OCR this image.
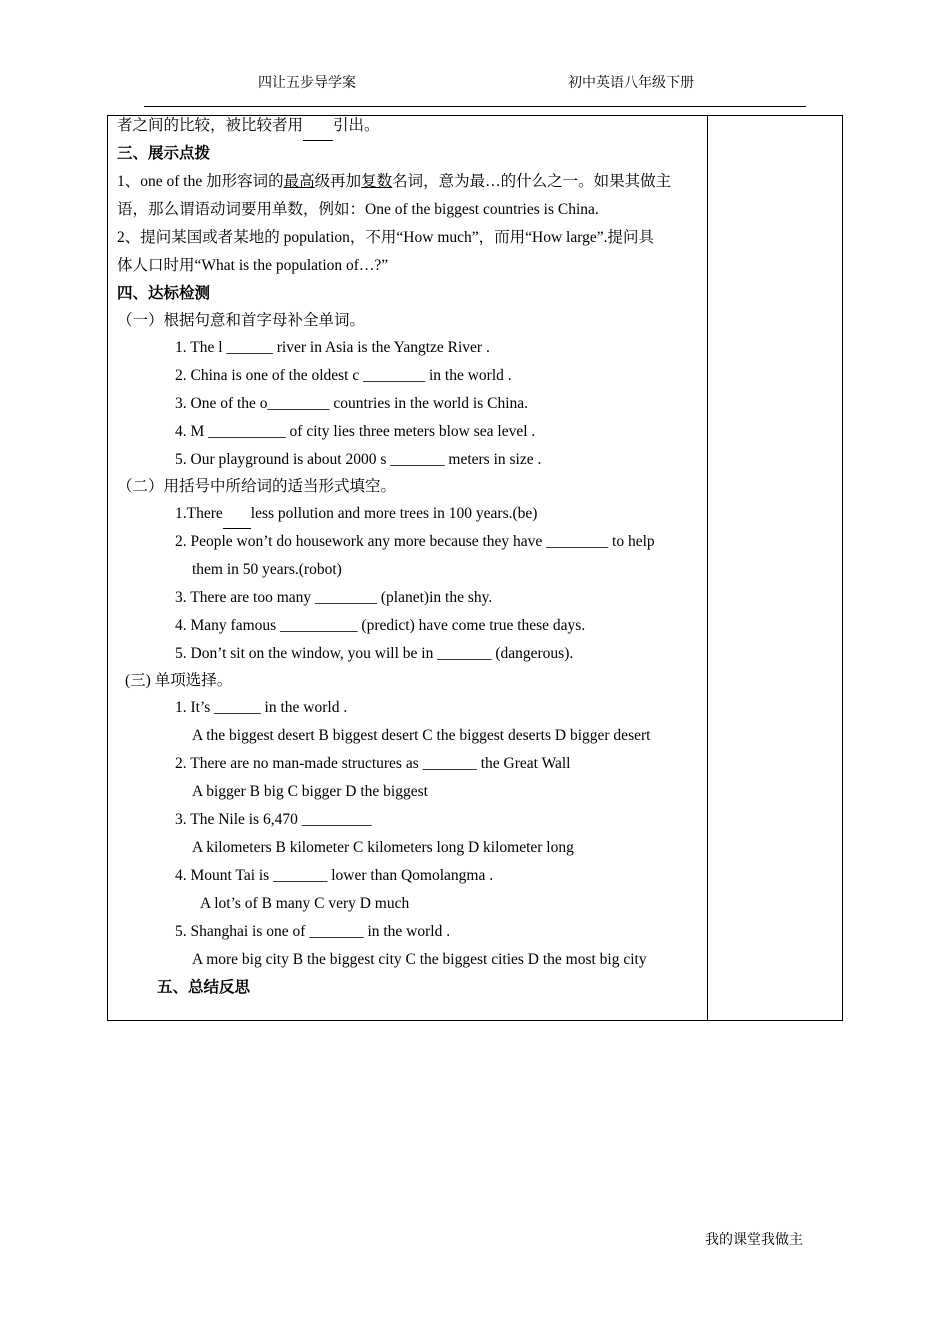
四让五步导学案	初中英语八年级下册
者之间的比较，被比较者用 引出。
三、展示点拨
1、one of the 加形容词的最高级再加复数名词，意为最…的什么之一。如果其做主
语，那么谓语动词要用单数，例如：One of the biggest countries is China.
2、提问某国或者某地的 population，不用“How much”，而用“How large”.提问具
体人口时用“What is the population of…?”
四、达标检测
（一）根据句意和首字母补全单词。
1. The l ______ river in Asia is the Yangtze River .
2. China is one of the oldest c ________ in the world .
3. One of the o________ countries in the world is China.
4. M __________ of city lies three meters blow sea level .
5. Our playground is about 2000 s _______ meters in size .
（二）用括号中所给词的适当形式填空。
1.There less pollution and more trees in 100 years.(be)
2. People won’t do housework any more because they have ________ to help
them in 50 years.(robot)
3. There are too many ________ (planet)in the shy.
4. Many famous __________ (predict) have come true these days.
5. Don’t sit on the window, you will be in _______ (dangerous).
(三) 单项选择。
1. It’s ______ in the world .
A the biggest desert B biggest desert C the biggest deserts D bigger desert
2. There are no man-made structures as _______ the Great Wall
A bigger B big C bigger D the biggest
3. The Nile is 6,470 _________
A kilometers B kilometer C kilometers long D kilometer long
4. Mount Tai is _______ lower than Qomolangma .
A lot’s of B many C very D much
5. Shanghai is one of _______ in the world .
A more big city B the biggest city C the biggest cities D the most big city
五、总结反思
我的课堂我做主
